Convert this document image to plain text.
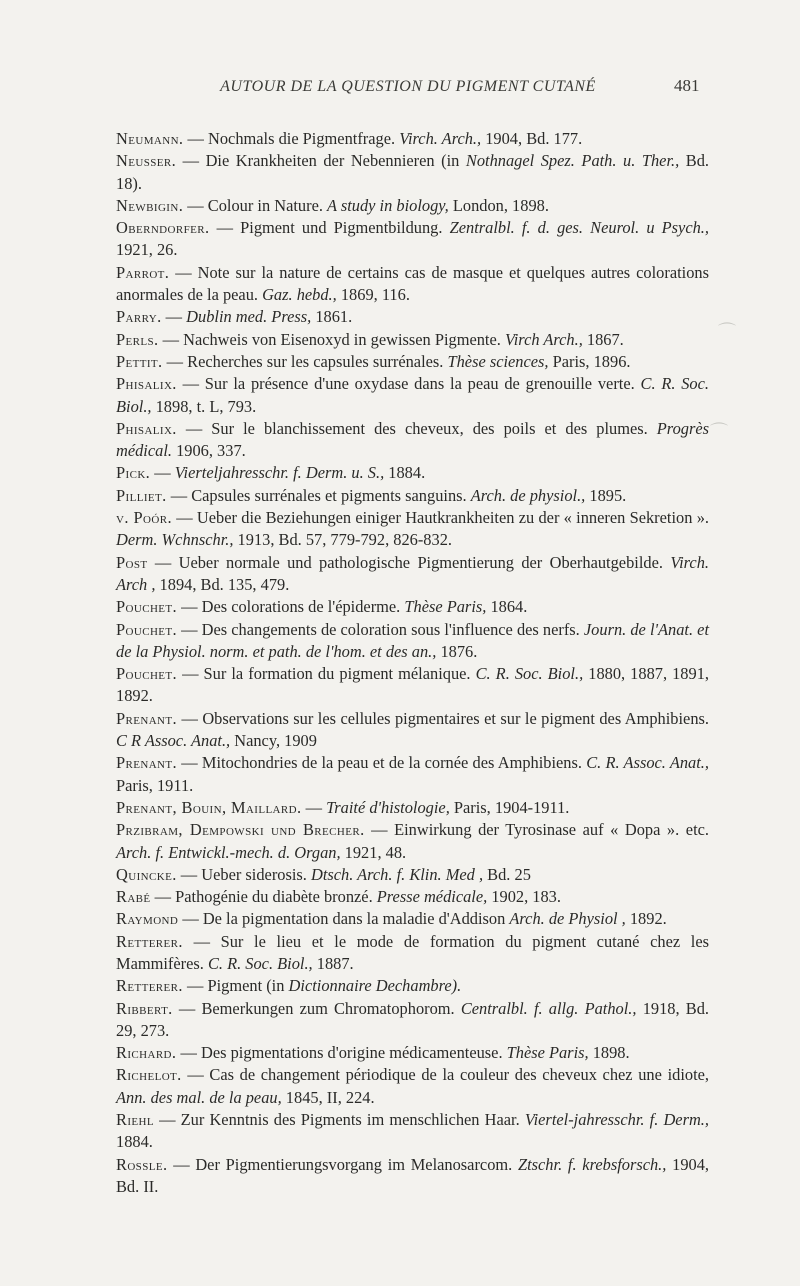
AUTOUR DE LA QUESTION DU PIGMENT CUTANÉ	481
Neumann. — Nochmals die Pigmentfrage. Virch. Arch., 1904, Bd. 177.
Neusser. — Die Krankheiten der Nebennieren (in Nothnagel Spez. Path. u. Ther., Bd. 18).
Newbigin. — Colour in Nature. A study in biology, London, 1898.
Oberndorfer. — Pigment und Pigmentbildung. Zentralbl. f. d. ges. Neurol. u Psych., 1921, 26.
Parrot. — Note sur la nature de certains cas de masque et quelques autres colorations anormales de la peau. Gaz. hebd., 1869, 116.
Parry. — Dublin med. Press, 1861.
Perls. — Nachweis von Eisenoxyd in gewissen Pigmente. Virch Arch., 1867.
Pettit. — Recherches sur les capsules surrénales. Thèse sciences, Paris, 1896.
Phisalix. — Sur la présence d'une oxydase dans la peau de grenouille verte. C. R. Soc. Biol., 1898, t. L, 793.
Phisalix. — Sur le blanchissement des cheveux, des poils et des plumes. Progrès médical. 1906, 337.
Pick. — Vierteljahresschr. f. Derm. u. S., 1884.
Pilliet. — Capsules surrénales et pigments sanguins. Arch. de physiol., 1895.
v. Poór. — Ueber die Beziehungen einiger Hautkrankheiten zu der « inneren Sekretion ». Derm. Wchnschr., 1913, Bd. 57, 779-792, 826-832.
Post — Ueber normale und pathologische Pigmentierung der Oberhautgebilde. Virch. Arch , 1894, Bd. 135, 479.
Pouchet. — Des colorations de l'épiderme. Thèse Paris, 1864.
Pouchet. — Des changements de coloration sous l'influence des nerfs. Journ. de l'Anat. et de la Physiol. norm. et path. de l'hom. et des an., 1876.
Pouchet. — Sur la formation du pigment mélanique. C. R. Soc. Biol., 1880, 1887, 1891, 1892.
Prenant. — Observations sur les cellules pigmentaires et sur le pigment des Amphibiens. C R Assoc. Anat., Nancy, 1909
Prenant. — Mitochondries de la peau et de la cornée des Amphibiens. C. R. Assoc. Anat., Paris, 1911.
Prenant, Bouin, Maillard. — Traité d'histologie, Paris, 1904-1911.
Przibram, Dempowski und Brecher. — Einwirkung der Tyrosinase auf « Dopa ». etc. Arch. f. Entwickl.-mech. d. Organ, 1921, 48.
Quincke. — Ueber siderosis. Dtsch. Arch. f. Klin. Med , Bd. 25
Rabé — Pathogénie du diabète bronzé. Presse médicale, 1902, 183.
Raymond — De la pigmentation dans la maladie d'Addison Arch. de Physiol , 1892.
Retterer. — Sur le lieu et le mode de formation du pigment cutané chez les Mammifères. C. R. Soc. Biol., 1887.
Retterer. — Pigment (in Dictionnaire Dechambre).
Ribbert. — Bemerkungen zum Chromatophorom. Centralbl. f. allg. Pathol., 1918, Bd. 29, 273.
Richard. — Des pigmentations d'origine médicamenteuse. Thèse Paris, 1898.
Richelot. — Cas de changement périodique de la couleur des cheveux chez une idiote, Ann. des mal. de la peau, 1845, II, 224.
Riehl — Zur Kenntnis des Pigments im menschlichen Haar. Viertel-jahresschr. f. Derm., 1884.
Rossle. — Der Pigmentierungsvorgang im Melanosarcom. Ztschr. f. krebsforsch., 1904, Bd. II.
⌒
⌒
